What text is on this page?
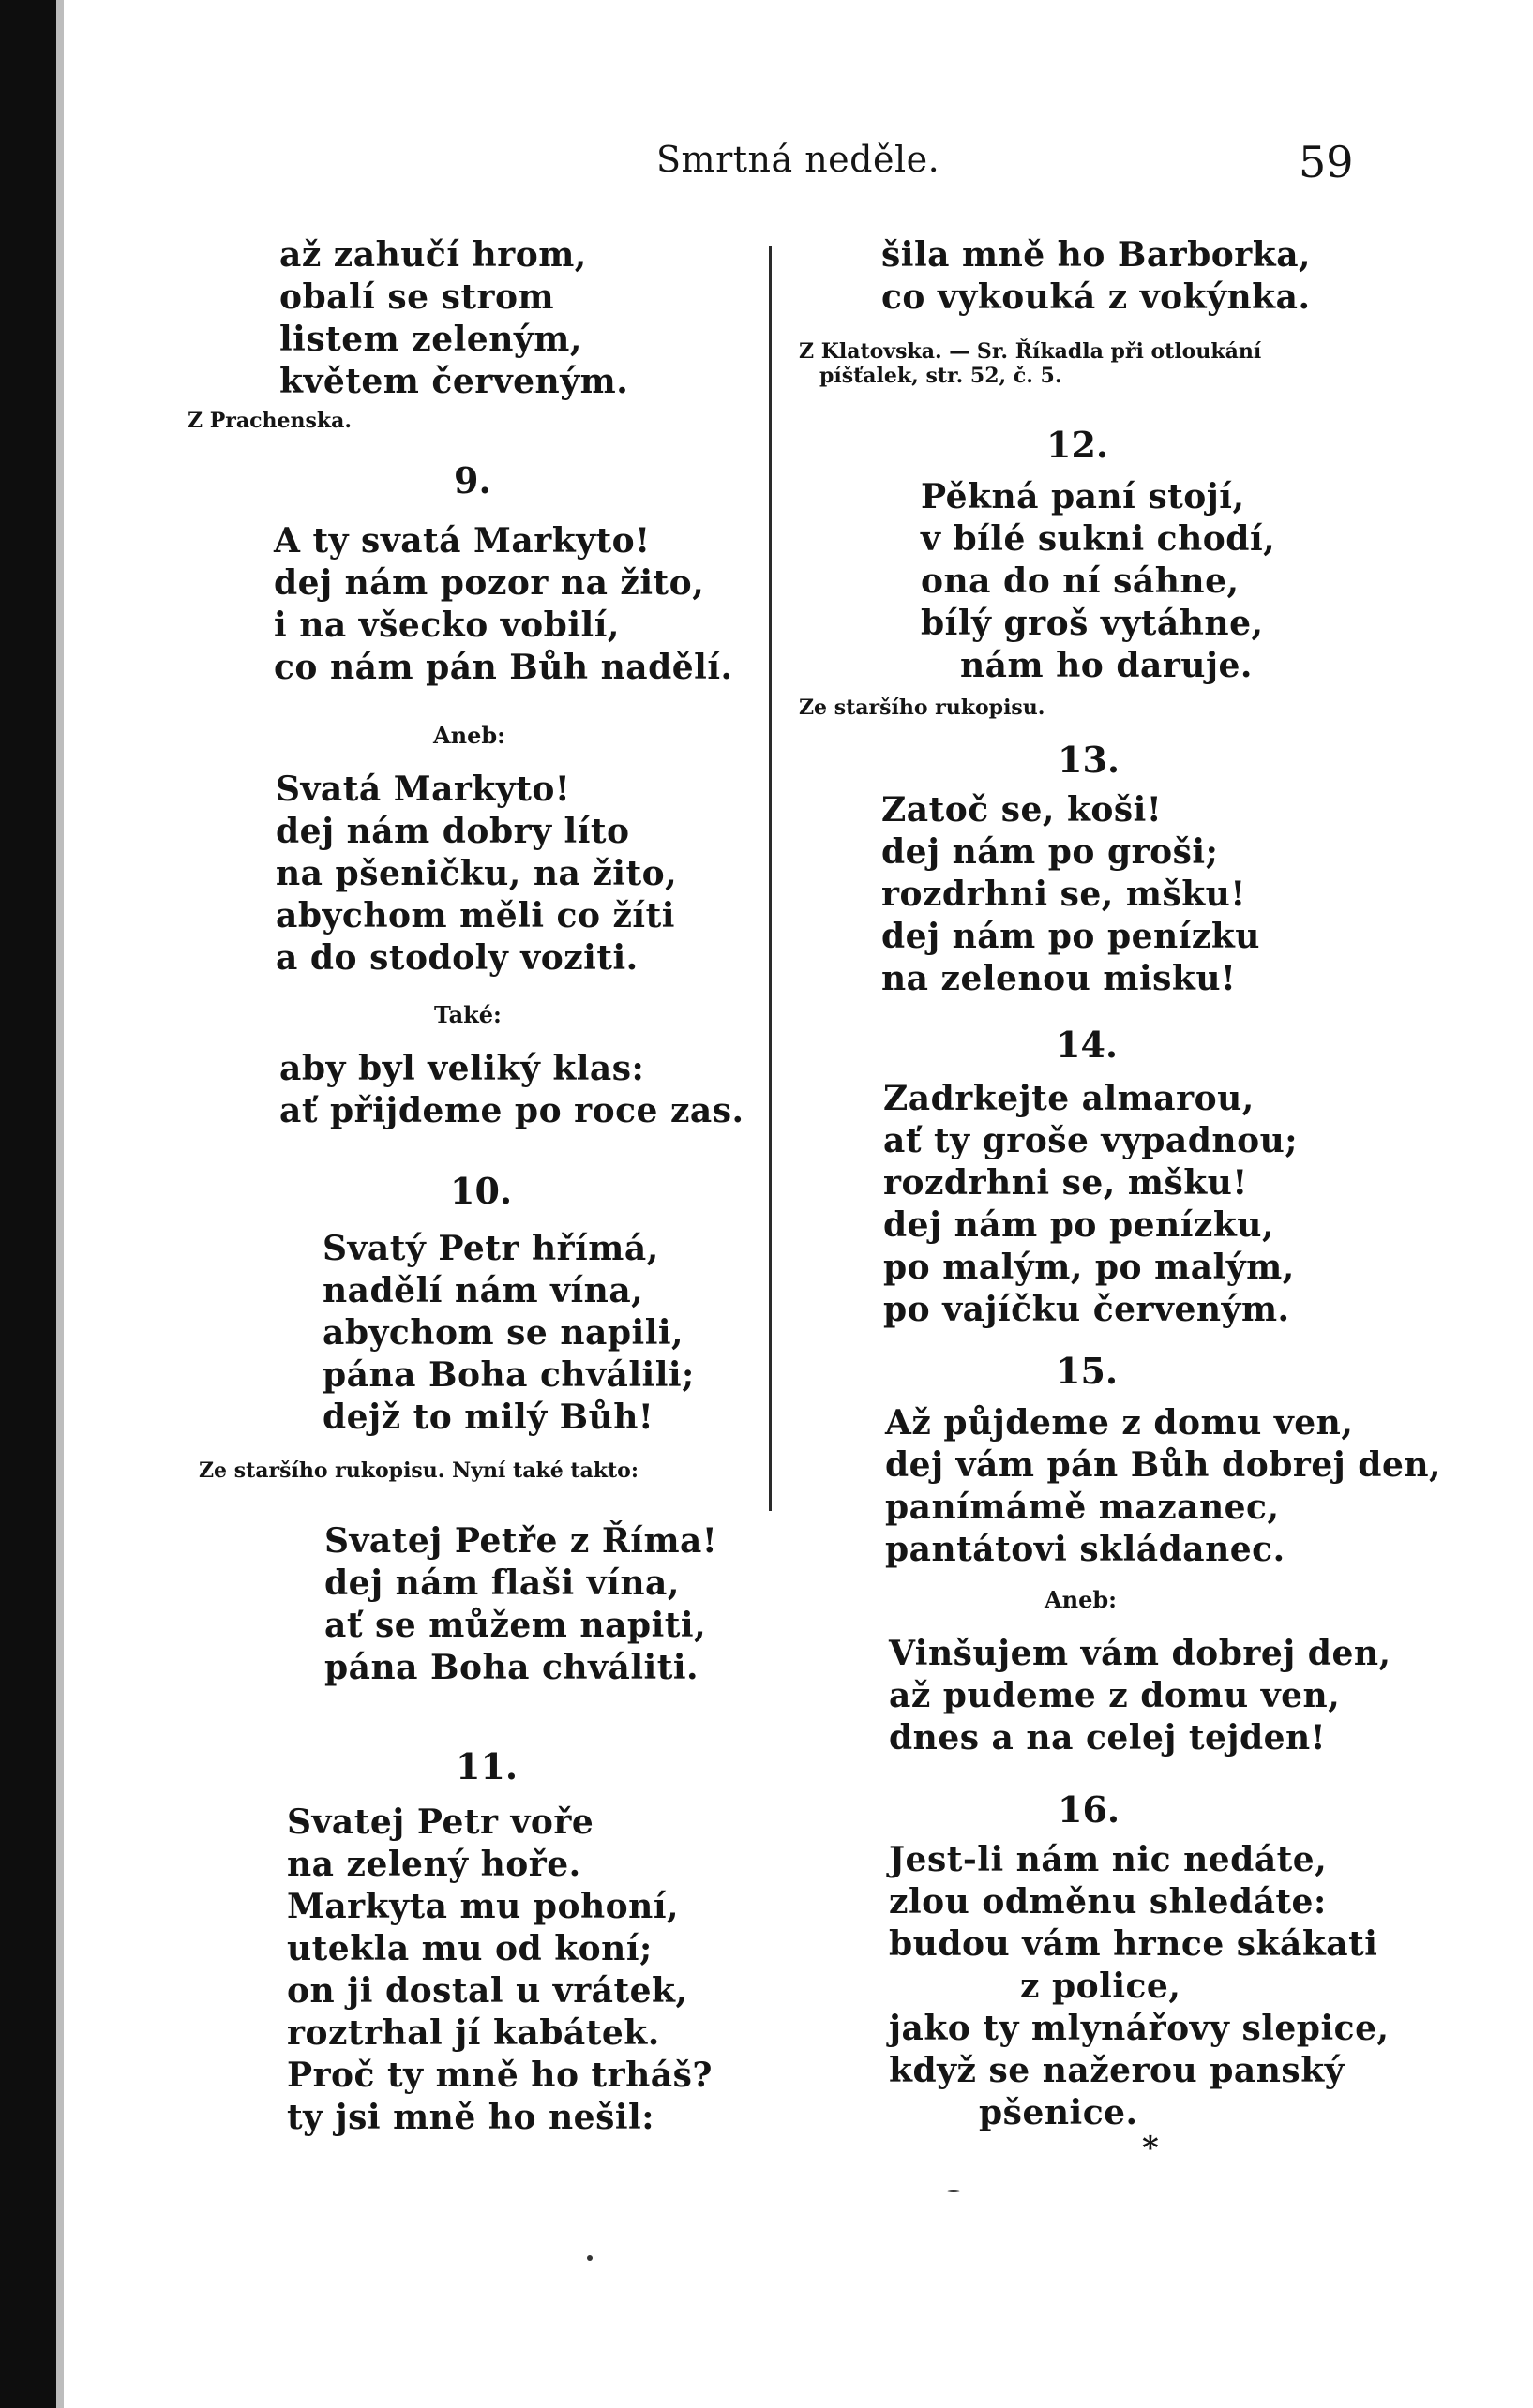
Smrtná neděle.	59
až zahučí hrom,
obalí se strom
listem zeleným,
květem červeným.
Z Prachenska.
9.
A ty svatá Markyto!
dej nám pozor na žito,
i na všecko vobilí,
co nám pán Bůh nadělí.
Aneb:
Svatá Markyto!
dej nám dobry líto
na pšeničku, na žito,
abychom měli co žíti
a do stodoly voziti.
Také:
aby byl veliký klas:
ať přijdeme po roce zas.
10.
Svatý Petr hřímá,
nadělí nám vína,
abychom se napili,
pána Boha chválili;
dejž to milý Bůh!
Ze staršího rukopisu. Nyní také takto:
Svatej Petře z Říma!
dej nám flaši vína,
ať se můžem napiti,
pána Boha chváliti.
11.
Svatej Petr voře
na zelený hoře.
Markyta mu pohoní,
utekla mu od koní;
on ji dostal u vrátek,
roztrhal jí kabátek.
Proč ty mně ho trháš?
ty jsi mně ho nešil:
šila mně ho Barborka,
co vykouká z vokýnka.
Z Klatovska. — Sr. Říkadla při otloukání
píšťalek, str. 52, č. 5.
12.
Pěkná paní stojí,
v bílé sukni chodí,
ona do ní sáhne,
bílý groš vytáhne,
nám ho daruje.
Ze staršího rukopisu.
13.
Zatoč se, koši!
dej nám po groši;
rozdrhni se, mšku!
dej nám po penízku
na zelenou misku!
14.
Zadrkejte almarou,
ať ty groše vypadnou;
rozdrhni se, mšku!
dej nám po penízku,
po malým, po malým,
po vajíčku červeným.
15.
Až půjdeme z domu ven,
dej vám pán Bůh dobrej den,
panímámě mazanec,
pantátovi skládanec.
Aneb:
Vinšujem vám dobrej den,
až pudeme z domu ven,
dnes a na celej tejden!
16.
Jest-li nám nic nedáte,
zlou odměnu shledáte:
budou vám hrnce skákati
z police,
jako ty mlynářovy slepice,
když se nažerou panský
pšenice.
*
